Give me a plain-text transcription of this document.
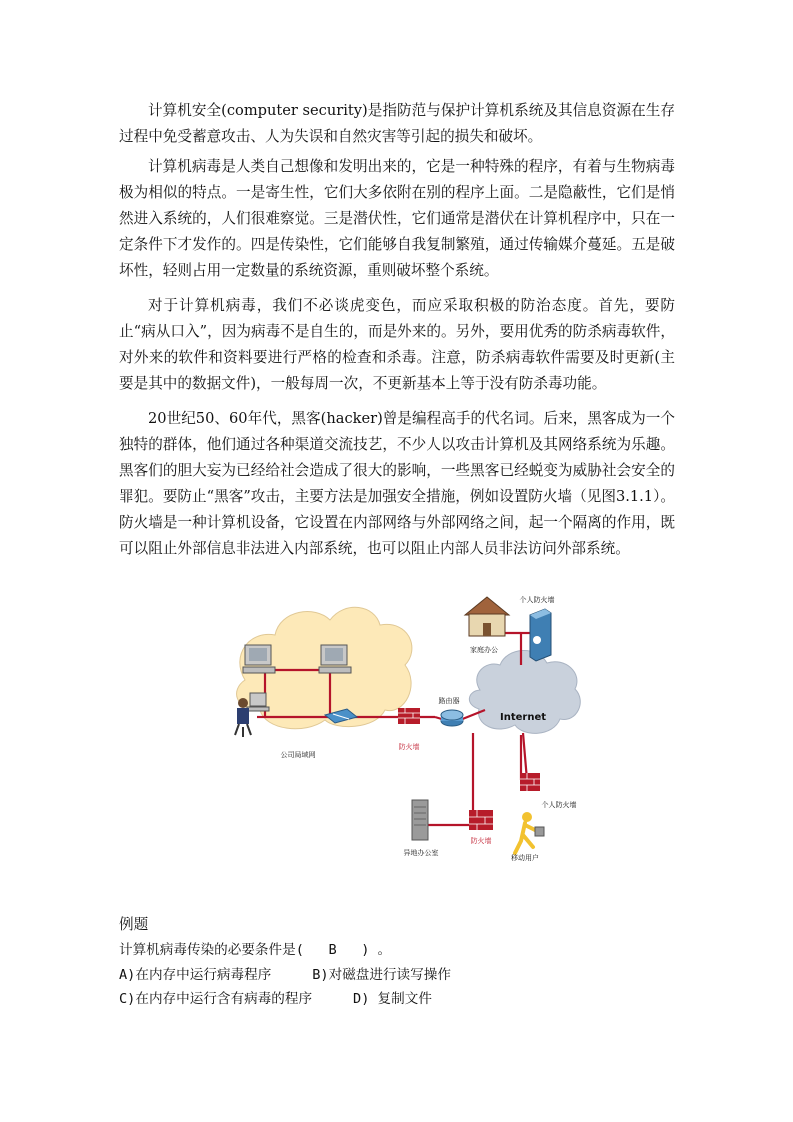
计算机安全(computer security)是指防范与保护计算机系统及其信息资源在生存过程中免受蓄意攻击、人为失误和自然灾害等引起的损失和破坏。

计算机病毒是人类自己想像和发明出来的，它是一种特殊的程序，有着与生物病毒极为相似的特点。一是寄生性，它们大多依附在别的程序上面。二是隐蔽性，它们是悄然进入系统的，人们很难察觉。三是潜伏性，它们通常是潜伏在计算机程序中，只在一定条件下才发作的。四是传染性，它们能够自我复制繁殖，通过传输媒介蔓延。五是破坏性，轻则占用一定数量的系统资源，重则破坏整个系统。

对于计算机病毒，我们不必谈虎变色，而应采取积极的防治态度。首先，要防止“病从口入”，因为病毒不是自生的，而是外来的。另外，要用优秀的防杀病毒软件，对外来的软件和资料要进行严格的检查和杀毒。注意，防杀病毒软件需要及时更新(主要是其中的数据文件)，一般每周一次，不更新基本上等于没有防杀毒功能。

20世纪50、60年代，黑客(hacker)曾是编程高手的代名词。后来，黑客成为一个独特的群体，他们通过各种渠道交流技艺，不少人以攻击计算机及其网络系统为乐趣。黑客们的胆大妄为已经给社会造成了很大的影响，一些黑客已经蜕变为威胁社会安全的罪犯。要防止“黑客”攻击，主要方法是加强安全措施，例如设置防火墙（见图3.1.1）。防火墙是一种计算机设备，它设置在内部网络与外部网络之间，起一个隔离的作用，既可以阻止外部信息非法进入内部系统，也可以阻止内部人员非法访问外部系统。

Internet
防火墙
路由器
公司局域网
家庭办公
个人防火墙
个人防火墙
移动用户
防火墙
异地办公室

例题

计算机病毒传染的必要条件是(   B   ) 。

A)在内存中运行病毒程序     B)对磁盘进行读写操作

C)在内存中运行含有病毒的程序     D) 复制文件
